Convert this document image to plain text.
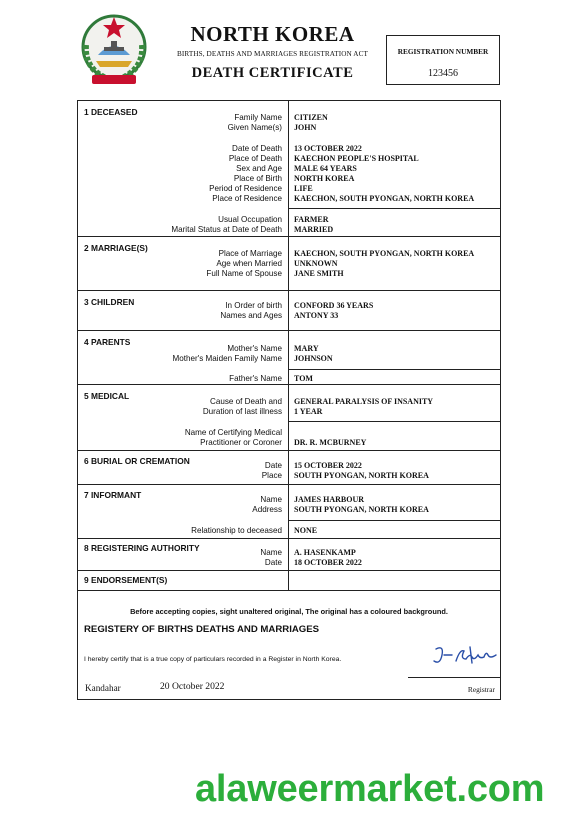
NORTH KOREA
BIRTHS, DEATHS AND MARRIAGES REGISTRATION ACT
DEATH CERTIFICATE
REGISTRATION NUMBER
123456
1 DECEASED
Family Name CITIZEN
Given Name(s) JOHN
Date of Death 13 OCTOBER 2022
Place of Death KAECHON PEOPLE'S HOSPITAL
Sex and Age MALE 64 YEARS
Place of Birth NORTH KOREA
Period of Residence LIFE
Place of Residence KAECHON, SOUTH PYONGAN, NORTH KOREA
Usual Occupation FARMER
Marital Status at Date of Death MARRIED
2 MARRIAGE(S)
Place of Marriage KAECHON, SOUTH PYONGAN, NORTH KOREA
Age when Married UNKNOWN
Full Name of Spouse JANE SMITH
3 CHILDREN	In Order of birth CONFORD 36 YEARS
Names and Ages ANTONY 33
4 PARENTS
Mother's Name MARY
Mother's Maiden Family Name JOHNSON
Father's Name TOM
5 MEDICAL
Cause of Death and GENERAL PARALYSIS OF INSANITY
Duration of last illness 1 YEAR
Name of Certifying Medical
Practitioner or Coroner DR. R. MCBURNEY
6 BURIAL OR CREMATION	Date 15 OCTOBER 2022
Place SOUTH PYONGAN, NORTH KOREA
7 INFORMANT	Name JAMES HARBOUR
Address SOUTH PYONGAN, NORTH KOREA
Relationship to deceased NONE
8 REGISTERING AUTHORITY	Name A. HASENKAMP
Date 18 OCTOBER 2022
9 ENDORSEMENT(S)
Before accepting copies, sight unaltered original, The original has a coloured background.
REGISTERY OF BIRTHS DEATHS AND MARRIAGES
I hereby certify that is a true copy of particulars recorded in a Register in North Korea.
Kandahar	20 October 2022	Registrar
alaweermarket.com
